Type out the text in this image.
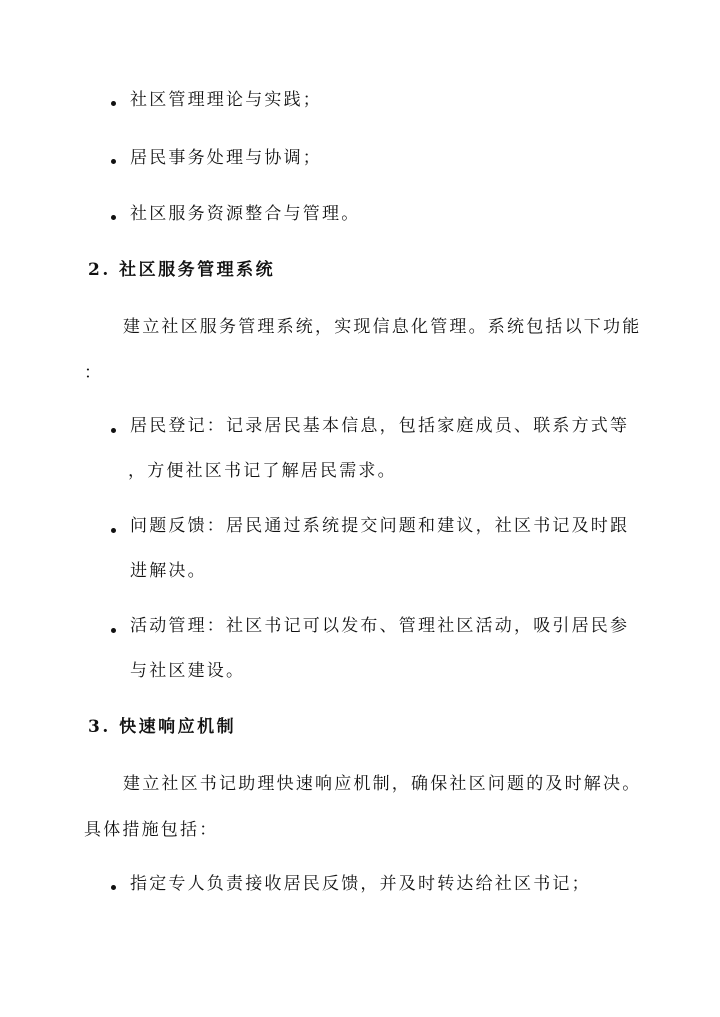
社区管理理论与实践；
居民事务处理与协调；
社区服务资源整合与管理。
2. 社区服务管理系统
建立社区服务管理系统，实现信息化管理。系统包括以下功能
：
居民登记：记录居民基本信息，包括家庭成员、联系方式等
，方便社区书记了解居民需求。
问题反馈：居民通过系统提交问题和建议，社区书记及时跟
进解决。
活动管理：社区书记可以发布、管理社区活动，吸引居民参
与社区建设。
3. 快速响应机制
建立社区书记助理快速响应机制，确保社区问题的及时解决。
具体措施包括：
指定专人负责接收居民反馈，并及时转达给社区书记；
